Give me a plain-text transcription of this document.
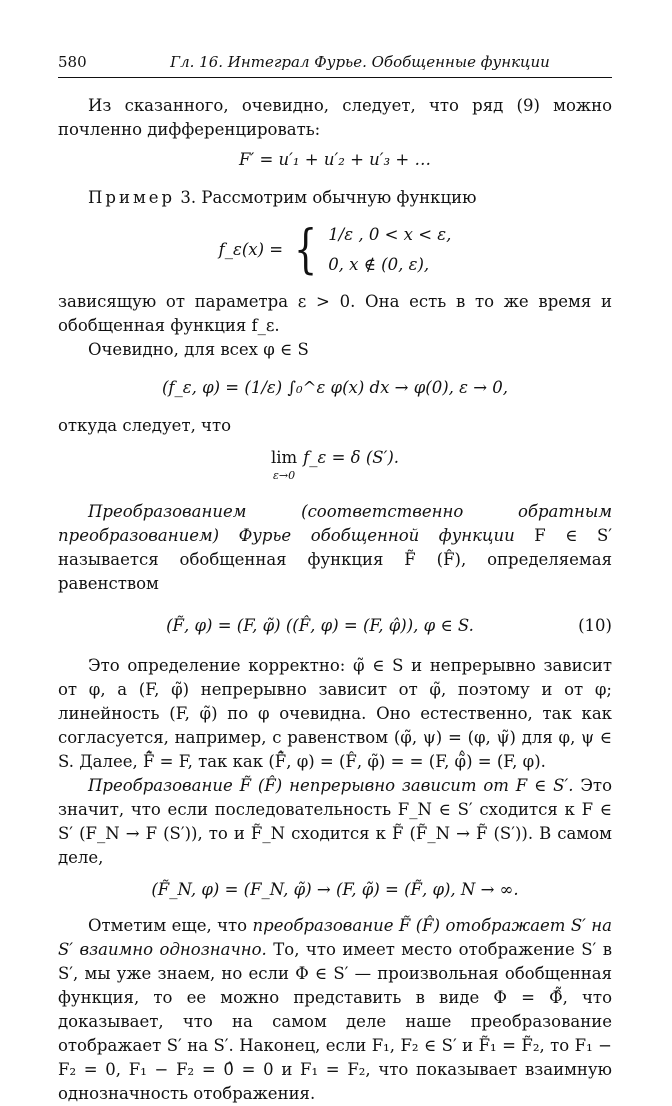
580	Гл. 16. Интеграл Фурье. Обобщенные функции

Из сказанного, очевидно, следует, что ряд (9) можно почленно дифференцировать:

F′ = u′₁ + u′₂ + u′₃ + …

Пример 3. Рассмотрим обычную функцию

f_ε(x) = { 1/ε , 0 < x < ε,
0, x ∉ (0, ε),

зависящую от параметра ε > 0. Она есть в то же время и обобщенная функция f_ε.

Очевидно, для всех φ ∈ S

(f_ε, φ) = (1/ε) ∫₀^ε φ(x) dx → φ(0), ε → 0,

откуда следует, что

lim
ε→0
f_ε = δ (S′).

Преобразованием (соответственно обратным преобразованием) Фурье обобщенной функции F ∈ S′ называется обобщенная функция F̃ (F̂), определяемая равенством

(F̃, φ) = (F, φ̃) ((F̂, φ) = (F, φ̂)), φ ∈ S.	(10)

Это определение корректно: φ̃ ∈ S и непрерывно зависит от φ, а (F, φ̃) непрерывно зависит от φ̃, поэтому и от φ; линейность (F, φ̃) по φ очевидна. Оно естественно, так как согласуется, например, с равенством (φ̃, ψ) = (φ, ψ̃) для φ, ψ ∈ S. Далее, F̃̂ = F, так как (F̃̂, φ) = (F̂, φ̃) = = (F, φ̃̂) = (F, φ).

Преобразование F̃ (F̂) непрерывно зависит от F ∈ S′. Это значит, что если последовательность F_N ∈ S′ сходится к F ∈ S′ (F_N → F (S′)), то и F̃_N сходится к F̃ (F̃_N → F̃ (S′)). В самом деле,

(F̃_N, φ) = (F_N, φ̃) → (F, φ̃) = (F̃, φ), N → ∞.

Отметим еще, что преобразование F̃ (F̂) отображает S′ на S′ взаимно однозначно. То, что имеет место отображение S′ в S′, мы уже знаем, но если Φ ∈ S′ — произвольная обобщенная функция, то ее можно представить в виде Φ = Φ̂̃, что доказывает, что на самом деле наше преобразование отображает S′ на S′. Наконец, если F₁, F₂ ∈ S′ и F̃₁ = F̃₂, то F₁ − F₂ = 0, F₁ − F₂ = 0̂ = 0 и F₁ = F₂, что показывает взаимную однозначность отображения.
